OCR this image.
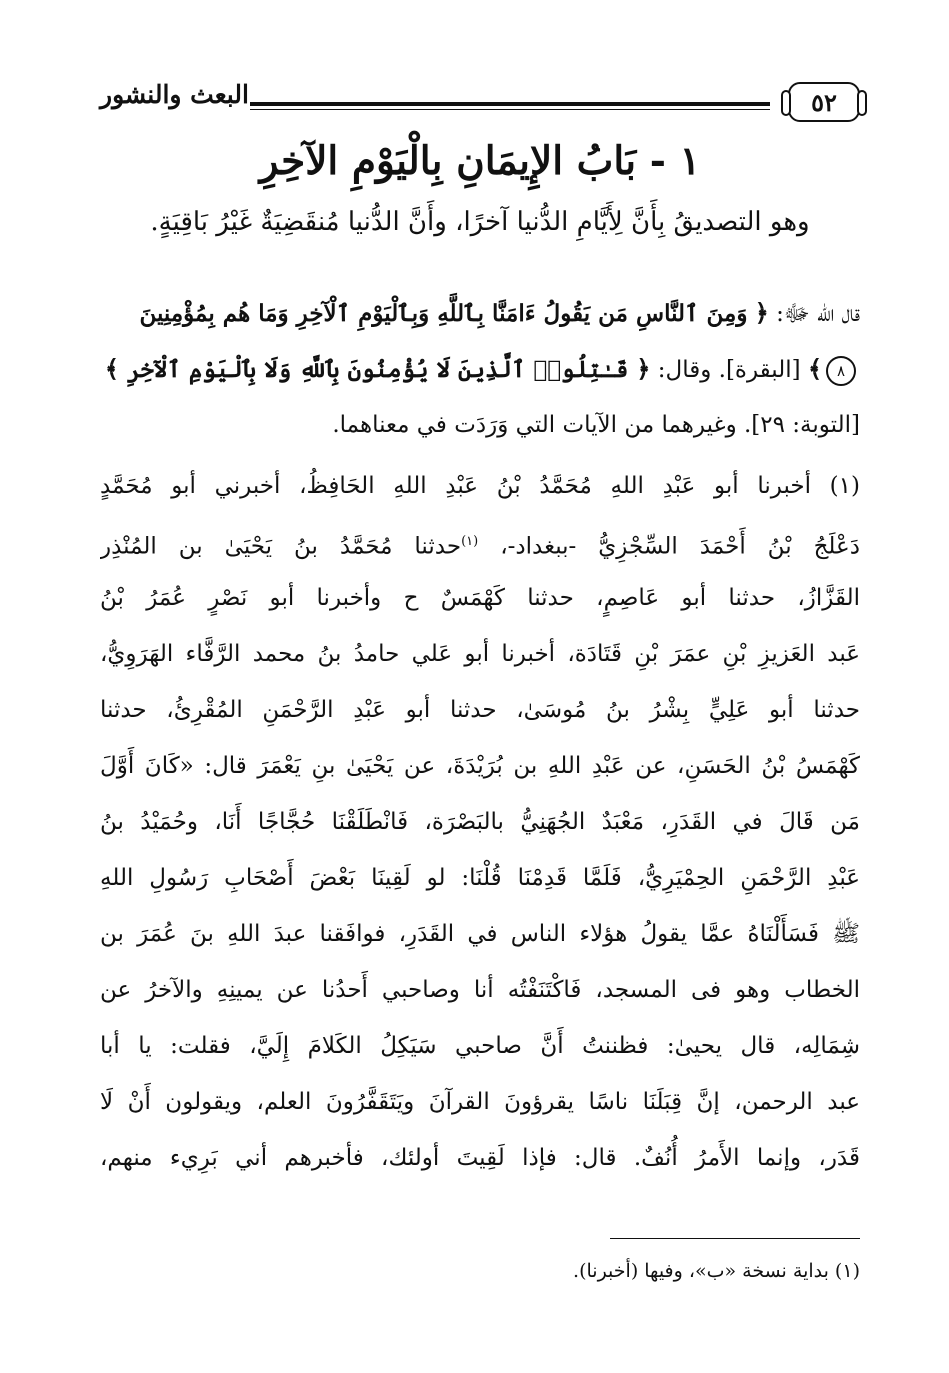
٥٢
البعث والنشور
١ - بَابُ الإِيمَانِ بِالْيَوْمِ الآخِرِ
وهو التصديقُ بِأَنَّ لِأَيَّامِ الدُّنيا آخرًا، وأَنَّ الدُّنيا مُنقَضِيَةٌ غَيْرُ بَاقِيَةٍ.
قال الله ﷻ: ﴿ وَمِنَ ٱلنَّاسِ مَن يَقُولُ ءَامَنَّا بِٱللَّهِ وَبِٱلْيَوْمِ ٱلْآخِرِ وَمَا هُم بِمُؤْمِنِينَ
٨﴾ [البقرة]. وقال: ﴿ قَـٰتِلُوا۟ ٱلَّذِينَ لَا يُؤْمِنُونَ بِٱللَّهِ وَلَا بِٱلْيَوْمِ ٱلْآخِرِ ﴾
[التوبة: ٢٩]. وغيرهما من الآيات التي وَرَدَت في معناهما.
(١) أخبرنا أبو عَبْدِ اللهِ مُحَمَّدُ بْنُ عَبْدِ اللهِ الحَافِظُ، أخبرني أبو مُحَمَّدٍ
دَعْلَجُ بْنُ أَحْمَدَ السِّجْزِيُّ -ببغداد-، $^{(١)}$حدثنا مُحَمَّدُ بنُ يَحْيَىٰ بن المُنْذِر
القَزَّازُ، حدثنا أبو عَاصِمٍ، حدثنا كَهْمَسٌ ح وأخبرنا أبو نَصْرٍ عُمَرُ بْنُ
عَبد العَزيزِ بْنِ عمَرَ بْنِ قَتَادَة، أخبرنا أبو عَلي حامدُ بنُ محمد الرَّفَّاء الهَرَوِيُّ،
حدثنا أبو عَلِيٍّ بِشْرُ بنُ مُوسَىٰ، حدثنا أبو عَبْدِ الرَّحْمَنِ المُقْرِئُ، حدثنا
كَهْمَسُ بْنُ الحَسَنِ، عن عَبْدِ اللهِ بن بُرَيْدَةَ، عن يَحْيَىٰ بنِ يَعْمَرَ قال: «كَانَ أَوَّلَ
مَن قَالَ في القَدَرِ، مَعْبَدٌ الجُهَنِيُّ بالبَصْرَة، فَانْطَلَقْنَا حُجَّاجًا أَنَا، وحُمَيْدُ بنُ
عَبْدِ الرَّحْمَنِ الحِمْيَرِيُّ، فَلَمَّا قَدِمْنَا قُلْنَا: لو لَقِينَا بَعْضَ أَصْحَابِ رَسُولِ اللهِ
ﷺ فَسَأَلْنَاهُ عمَّا يقولُ هؤلاء الناس في القَدَرِ، فوافَقنا عبدَ اللهِ بنَ عُمَرَ بن
الخطاب وهو فى المسجد، فَاكْتَنَفْتُه أنا وصاحبي أَحدُنا عن يمينِهِ والآخرُ عن
شِمَالِه، قال يحيىٰ: فظننتُ أَنَّ صاحبي سَيَكِلُ الكَلامَ إِلَيَّ، فقلت: يا أبا
عبد الرحمن، إنَّ قِبَلَنَا ناسًا يقرؤونَ القرآنَ ويَتَقَفَّرُونَ العلم، ويقولون أَنْ لَا
قَدَر، وإنما الأَمرُ أُنُفٌ. قال: فإذا لَقِيتَ أولئك، فأخبرهم أني بَرِيء منهم،
(١) بداية نسخة «ب»، وفيها (أخبرنا).
